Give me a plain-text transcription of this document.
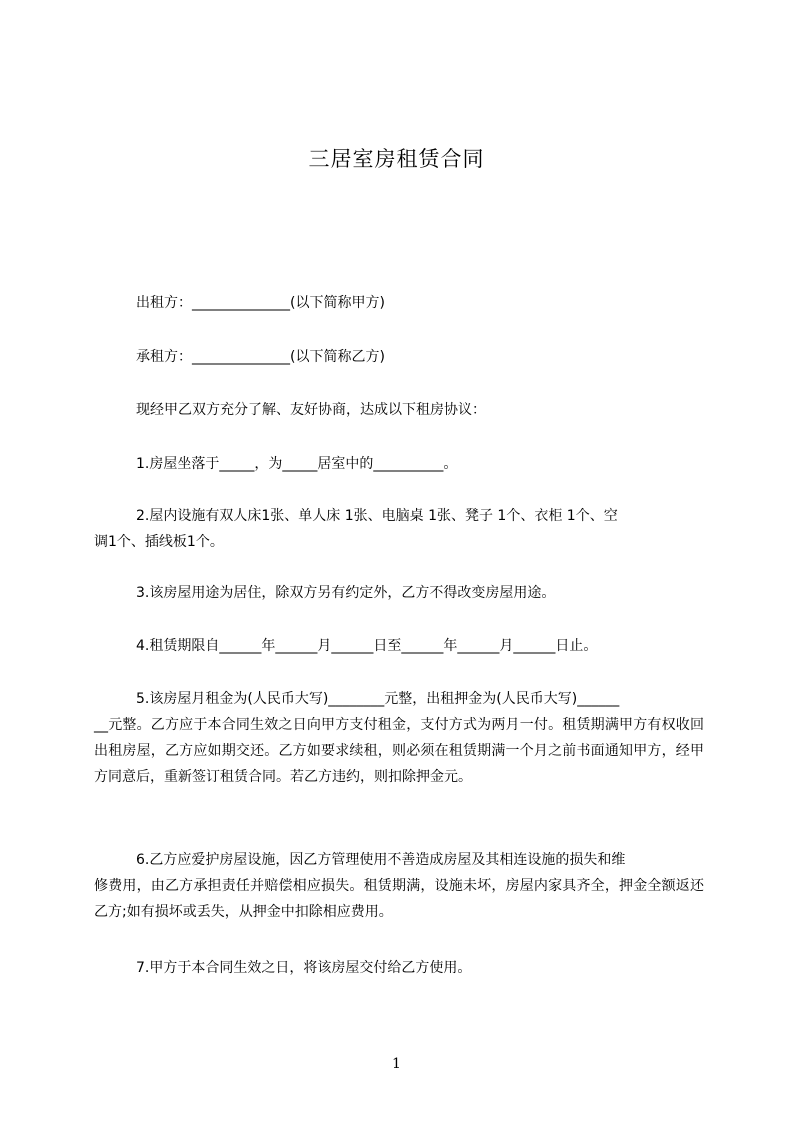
三居室房租赁合同
出租方：______________(以下简称甲方)
承租方：______________(以下简称乙方)
现经甲乙双方充分了解、友好协商，达成以下租房协议：
1.房屋坐落于_____，为_____居室中的__________。
2.屋内设施有双人床1张、单人床 1张、电脑桌 1张、凳子 1个、衣柜 1个、空
调1个、插线板1个。
3.该房屋用途为居住，除双方另有约定外，乙方不得改变房屋用途。
4.租赁期限自______年______月______日至______年______月______日止。
5.该房屋月租金为(人民币大写)________元整，出租押金为(人民币大写)______
__元整。乙方应于本合同生效之日向甲方支付租金，支付方式为两月一付。租赁期满甲方有权收回出租房屋，乙方应如期交还。乙方如要求续租，则必须在租赁期满一个月之前书面通知甲方，经甲方同意后，重新签订租赁合同。若乙方违约，则扣除押金元。
6.乙方应爱护房屋设施，因乙方管理使用不善造成房屋及其相连设施的损失和维
修费用，由乙方承担责任并赔偿相应损失。租赁期满，设施未坏，房屋内家具齐全，押金全额返还乙方;如有损坏或丢失，从押金中扣除相应费用。
7.甲方于本合同生效之日，将该房屋交付给乙方使用。
1
